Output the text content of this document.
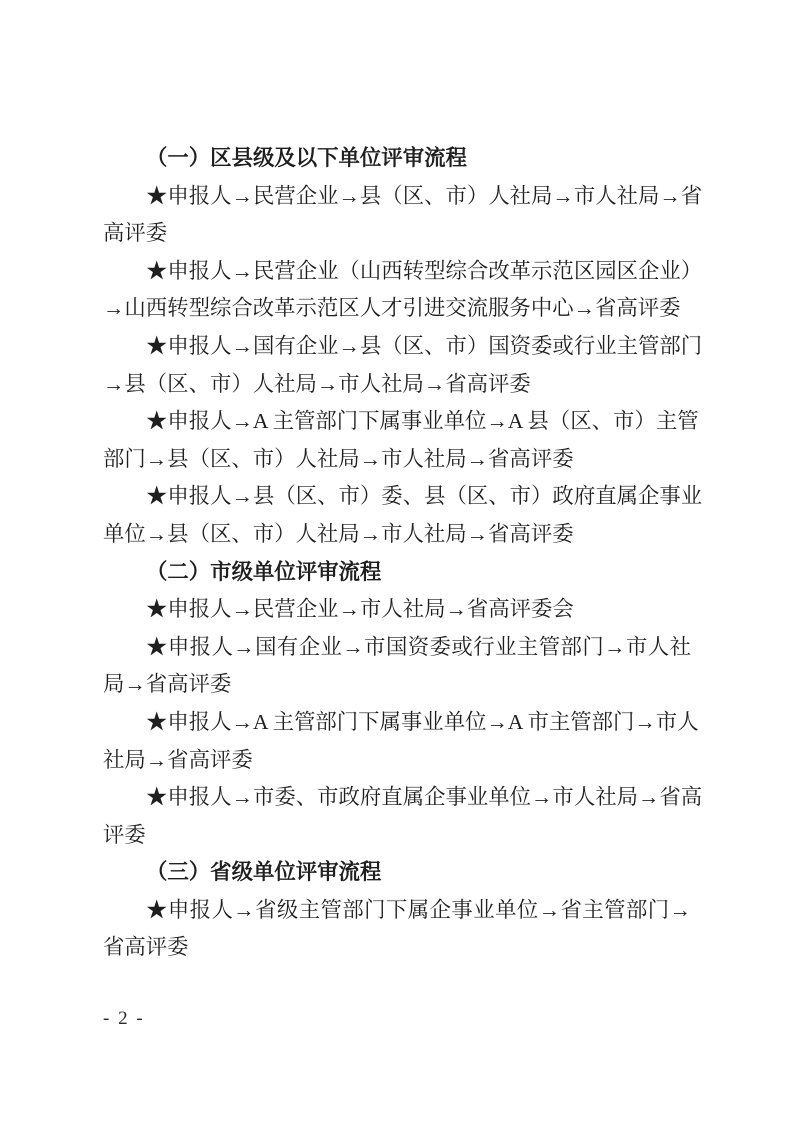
（一）区县级及以下单位评审流程
★申报人→民营企业→县（区、市）人社局→市人社局→省
高评委
★申报人→民营企业（山西转型综合改革示范区园区企业）
→山西转型综合改革示范区人才引进交流服务中心→省高评委
★申报人→国有企业→县（区、市）国资委或行业主管部门
→县（区、市）人社局→市人社局→省高评委
★申报人→A 主管部门下属事业单位→A 县（区、市）主管
部门→县（区、市）人社局→市人社局→省高评委
★申报人→县（区、市）委、县（区、市）政府直属企事业
单位→县（区、市）人社局→市人社局→省高评委
（二）市级单位评审流程
★申报人→民营企业→市人社局→省高评委会
★申报人→国有企业→市国资委或行业主管部门→市人社
局→省高评委
★申报人→A 主管部门下属事业单位→A 市主管部门→市人
社局→省高评委
★申报人→市委、市政府直属企事业单位→市人社局→省高
评委
（三）省级单位评审流程
★申报人→省级主管部门下属企事业单位→省主管部门→
省高评委
- 2 -
